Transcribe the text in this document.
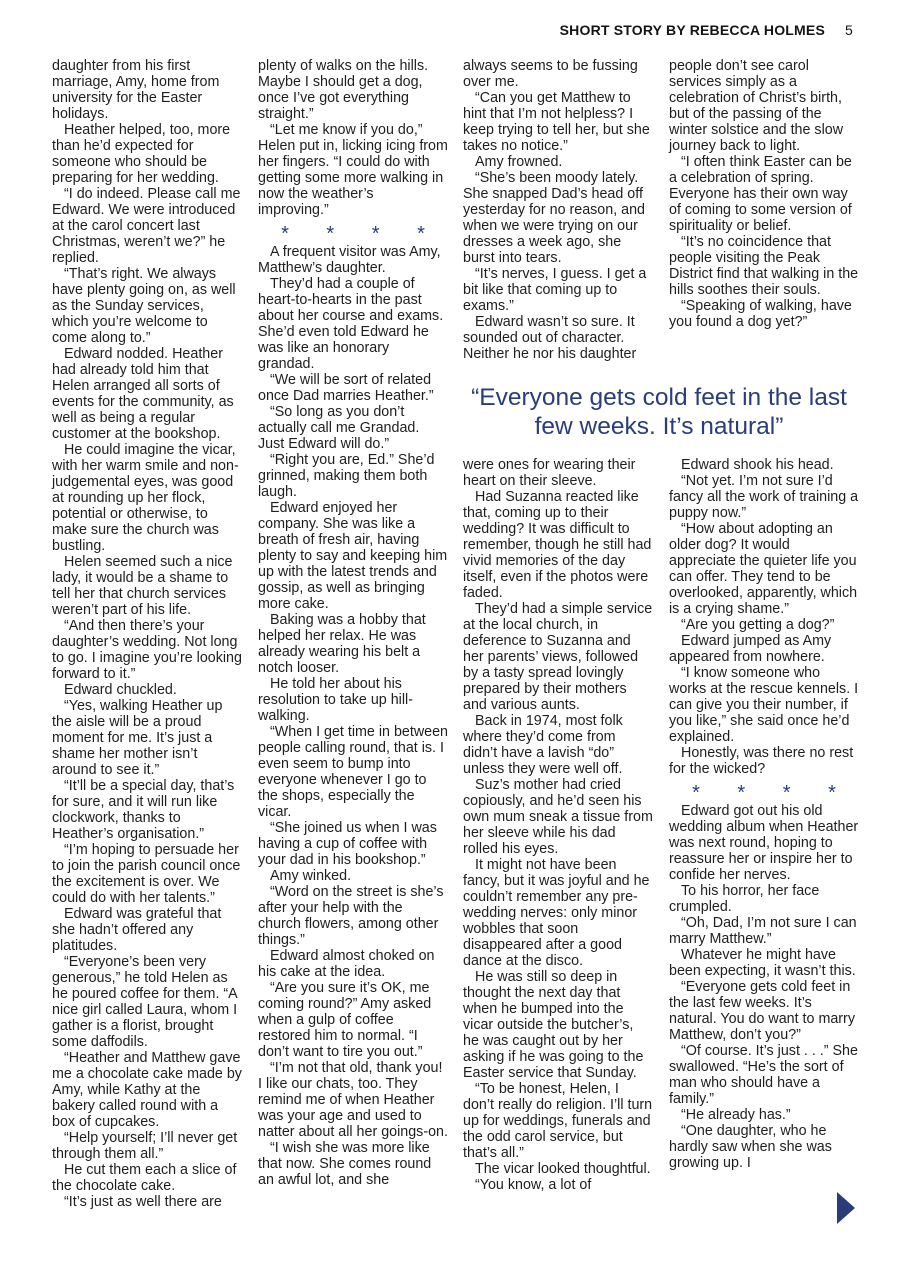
SHORT STORY BY REBECCA HOLMES 5

daughter from his first marriage, Amy, home from university for the Easter holidays.

Heather helped, too, more than he’d expected for someone who should be preparing for her wedding.

“I do indeed. Please call me Edward. We were introduced at the carol concert last Christmas, weren’t we?” he replied.

“That’s right. We always have plenty going on, as well as the Sunday services, which you’re welcome to come along to.”

Edward nodded. Heather had already told him that Helen arranged all sorts of events for the community, as well as being a regular customer at the bookshop.

He could imagine the vicar, with her warm smile and non-judgemental eyes, was good at rounding up her flock, potential or otherwise, to make sure the church was bustling.

Helen seemed such a nice lady, it would be a shame to tell her that church services weren’t part of his life.

“And then there’s your daughter’s wedding. Not long to go. I imagine you’re looking forward to it.”

Edward chuckled.

“Yes, walking Heather up the aisle will be a proud moment for me. It’s just a shame her mother isn’t around to see it.”

“It’ll be a special day, that’s for sure, and it will run like clockwork, thanks to Heather’s organisation.”

“I’m hoping to persuade her to join the parish council once the excitement is over. We could do with her talents.”

Edward was grateful that she hadn’t offered any platitudes.

“Everyone’s been very generous,” he told Helen as he poured coffee for them. “A nice girl called Laura, whom I gather is a florist, brought some daffodils.

“Heather and Matthew gave me a chocolate cake made by Amy, while Kathy at the bakery called round with a box of cupcakes.

“Help yourself; I’ll never get through them all.”

He cut them each a slice of the chocolate cake.

“It’s just as well there are

plenty of walks on the hills. Maybe I should get a dog, once I’ve got everything straight.”

“Let me know if you do,” Helen put in, licking icing from her fingers. “I could do with getting some more walking in now the weather’s improving.”

* * * *

A frequent visitor was Amy, Matthew’s daughter.

They’d had a couple of heart-to-hearts in the past about her course and exams. She’d even told Edward he was like an honorary grandad.

“We will be sort of related once Dad marries Heather.”

“So long as you don’t actually call me Grandad. Just Edward will do.”

“Right you are, Ed.” She’d grinned, making them both laugh.

Edward enjoyed her company. She was like a breath of fresh air, having plenty to say and keeping him up with the latest trends and gossip, as well as bringing more cake.

Baking was a hobby that helped her relax. He was already wearing his belt a notch looser.

He told her about his resolution to take up hill-walking.

“When I get time in between people calling round, that is. I even seem to bump into everyone whenever I go to the shops, especially the vicar.

“She joined us when I was having a cup of coffee with your dad in his bookshop.”

Amy winked.

“Word on the street is she’s after your help with the church flowers, among other things.”

Edward almost choked on his cake at the idea.

“Are you sure it’s OK, me coming round?” Amy asked when a gulp of coffee restored him to normal. “I don’t want to tire you out.”

“I’m not that old, thank you! I like our chats, too. They remind me of when Heather was your age and used to natter about all her goings-on.

“I wish she was more like that now. She comes round an awful lot, and she

always seems to be fussing over me.

“Can you get Matthew to hint that I’m not helpless? I keep trying to tell her, but she takes no notice.”

Amy frowned.

“She’s been moody lately. She snapped Dad’s head off yesterday for no reason, and when we were trying on our dresses a week ago, she burst into tears.

“It’s nerves, I guess. I get a bit like that coming up to exams.”

Edward wasn’t so sure. It sounded out of character. Neither he nor his daughter

people don’t see carol services simply as a celebration of Christ’s birth, but of the passing of the winter solstice and the slow journey back to light.

“I often think Easter can be a celebration of spring. Everyone has their own way of coming to some version of spirituality or belief.

“It’s no coincidence that people visiting the Peak District find that walking in the hills soothes their souls.

“Speaking of walking, have you found a dog yet?”

“Everyone gets cold feet in the last few weeks. It’s natural”

were ones for wearing their heart on their sleeve.

Had Suzanna reacted like that, coming up to their wedding? It was difficult to remember, though he still had vivid memories of the day itself, even if the photos were faded.

They’d had a simple service at the local church, in deference to Suzanna and her parents’ views, followed by a tasty spread lovingly prepared by their mothers and various aunts.

Back in 1974, most folk where they’d come from didn’t have a lavish “do” unless they were well off.

Suz’s mother had cried copiously, and he’d seen his own mum sneak a tissue from her sleeve while his dad rolled his eyes.

It might not have been fancy, but it was joyful and he couldn’t remember any pre-wedding nerves: only minor wobbles that soon disappeared after a good dance at the disco.

He was still so deep in thought the next day that when he bumped into the vicar outside the butcher’s, he was caught out by her asking if he was going to the Easter service that Sunday.

“To be honest, Helen, I don’t really do religion. I’ll turn up for weddings, funerals and the odd carol service, but that’s all.”

The vicar looked thoughtful.

“You know, a lot of

Edward shook his head.

“Not yet. I’m not sure I’d fancy all the work of training a puppy now.”

“How about adopting an older dog? It would appreciate the quieter life you can offer. They tend to be overlooked, apparently, which is a crying shame.”

“Are you getting a dog?”

Edward jumped as Amy appeared from nowhere.

“I know someone who works at the rescue kennels. I can give you their number, if you like,” she said once he’d explained.

Honestly, was there no rest for the wicked?

* * * *

Edward got out his old wedding album when Heather was next round, hoping to reassure her or inspire her to confide her nerves.

To his horror, her face crumpled.

“Oh, Dad, I’m not sure I can marry Matthew.”

Whatever he might have been expecting, it wasn’t this.

“Everyone gets cold feet in the last few weeks. It’s natural. You do want to marry Matthew, don’t you?”

“Of course. It’s just . . .” She swallowed. “He’s the sort of man who should have a family.”

“He already has.”

“One daughter, who he hardly saw when she was growing up. I
